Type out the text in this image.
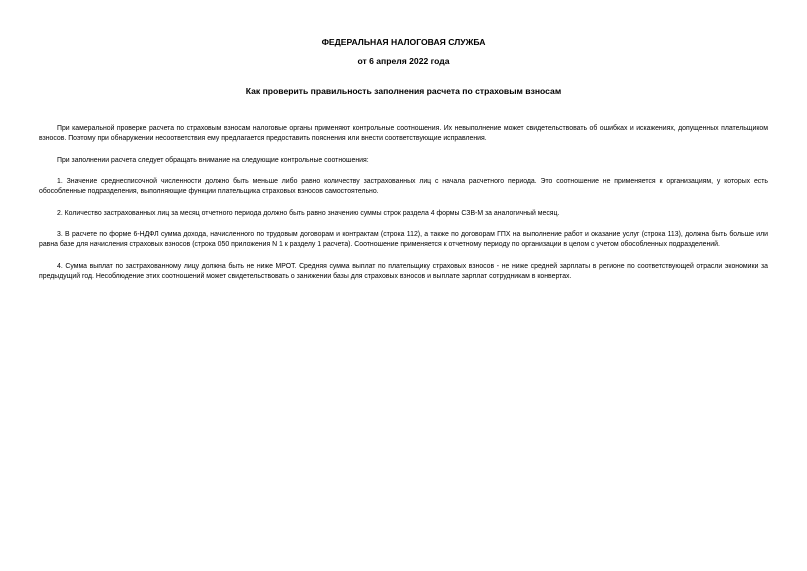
ФЕДЕРАЛЬНАЯ НАЛОГОВАЯ СЛУЖБА
от 6 апреля 2022 года
Как проверить правильность заполнения расчета по страховым взносам

При камеральной проверке расчета по страховым взносам налоговые органы применяют контрольные соотношения. Их невыполнение может свидетельствовать об ошибках и искажениях, допущенных плательщиком взносов. Поэтому при обнаружении несоответствия ему предлагается предоставить пояснения или внести соответствующие исправления.

При заполнении расчета следует обращать внимание на следующие контрольные соотношения:

1. Значение среднесписочной численности должно быть меньше либо равно количеству застрахованных лиц с начала расчетного периода. Это соотношение не применяется к организациям, у которых есть обособленные подразделения, выполняющие функции плательщика страховых взносов самостоятельно.

2. Количество застрахованных лиц за месяц отчетного периода должно быть равно значению суммы строк раздела 4 формы СЗВ-М за аналогичный месяц.

3. В расчете по форме 6-НДФЛ сумма дохода, начисленного по трудовым договорам и контрактам (строка 112), а также по договорам ГПХ на выполнение работ и оказание услуг (строка 113), должна быть больше или равна базе для начисления страховых взносов (строка 050 приложения N 1 к разделу 1 расчета). Соотношение применяется к отчетному периоду по организации в целом с учетом обособленных подразделений.

4. Сумма выплат по застрахованному лицу должна быть не ниже МРОТ. Средняя сумма выплат по плательщику страховых взносов - не ниже средней зарплаты в регионе по соответствующей отрасли экономики за предыдущий год. Несоблюдение этих соотношений может свидетельствовать о занижении базы для страховых взносов и выплате зарплат сотрудникам в конвертах.
